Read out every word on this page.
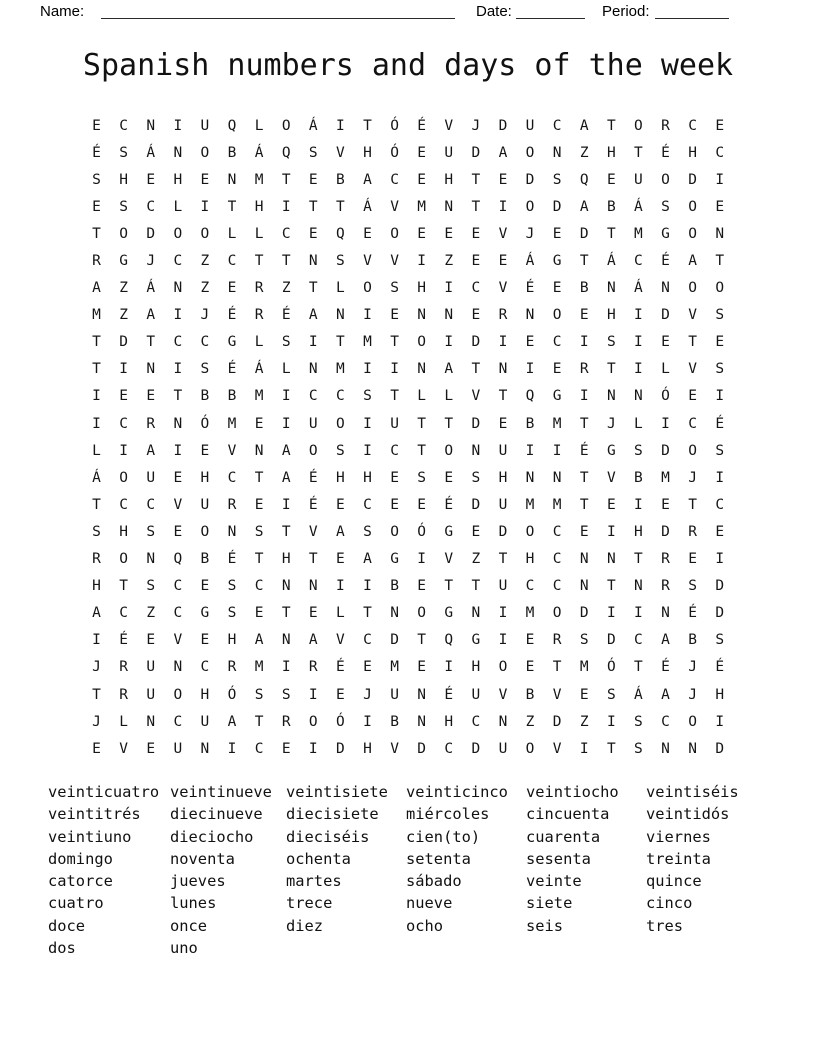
Name:	Date:	Period:
Spanish numbers and days of the week
E	C	N	I	U	Q	L	O	Á	I	T	Ó	É	V	J	D	U	C	A	T	O	R	C	E
É	S	Á	N	O	B	Á	Q	S	V	H	Ó	E	U	D	A	O	N	Z	H	T	É	H	C
S	H	E	H	E	N	M	T	E	B	A	C	E	H	T	E	D	S	Q	E	U	O	D	I
E	S	C	L	I	T	H	I	T	T	Á	V	M	N	T	I	O	D	A	B	Á	S	O	E
T	O	D	O	O	L	L	C	E	Q	E	O	E	E	E	V	J	E	D	T	M	G	O	N
R	G	J	C	Z	C	T	T	N	S	V	V	I	Z	E	E	Á	G	T	Á	C	É	A	T
A	Z	Á	N	Z	E	R	Z	T	L	O	S	H	I	C	V	É	E	B	N	Á	N	O	O
M	Z	A	I	J	É	R	É	A	N	I	E	N	N	E	R	N	O	E	H	I	D	V	S
T	D	T	C	C	G	L	S	I	T	M	T	O	I	D	I	E	C	I	S	I	E	T	E
T	I	N	I	S	É	Á	L	N	M	I	I	N	A	T	N	I	E	R	T	I	L	V	S
I	E	E	T	B	B	M	I	C	C	S	T	L	L	V	T	Q	G	I	N	N	Ó	E	I
I	C	R	N	Ó	M	E	I	U	O	I	U	T	T	D	E	B	M	T	J	L	I	C	É
L	I	A	I	E	V	N	A	O	S	I	C	T	O	N	U	I	I	É	G	S	D	O	S
Á	O	U	E	H	C	T	A	É	H	H	E	S	E	S	H	N	N	T	V	B	M	J	I
T	C	C	V	U	R	E	I	É	E	C	E	E	É	D	U	M	M	T	E	I	E	T	C
S	H	S	E	O	N	S	T	V	A	S	O	Ó	G	E	D	O	C	E	I	H	D	R	E
R	O	N	Q	B	É	T	H	T	E	A	G	I	V	Z	T	H	C	N	N	T	R	E	I
H	T	S	C	E	S	C	N	N	I	I	B	E	T	T	U	C	C	N	T	N	R	S	D
A	C	Z	C	G	S	E	T	E	L	T	N	O	G	N	I	M	O	D	I	I	N	É	D
I	É	E	V	E	H	A	N	A	V	C	D	T	Q	G	I	E	R	S	D	C	A	B	S
J	R	U	N	C	R	M	I	R	É	E	M	E	I	H	O	E	T	M	Ó	T	É	J	É
T	R	U	O	H	Ó	S	S	I	E	J	U	N	É	U	V	B	V	E	S	Á	A	J	H
J	L	N	C	U	A	T	R	O	Ó	I	B	N	H	C	N	Z	D	Z	I	S	C	O	I
E	V	E	U	N	I	C	E	I	D	H	V	D	C	D	U	O	V	I	T	S	N	N	D
veinticuatro
veintitrés
veintiuno
domingo
catorce
cuatro
doce
dos
veintinueve
diecinueve
dieciocho
noventa
jueves
lunes
once
uno
veintisiete
diecisiete
dieciséis
ochenta
martes
trece
diez
veinticinco
miércoles
cien(to)
setenta
sábado
nueve
ocho
veintiocho
cincuenta
cuarenta
sesenta
veinte
siete
seis
veintiséis
veintidós
viernes
treinta
quince
cinco
tres
